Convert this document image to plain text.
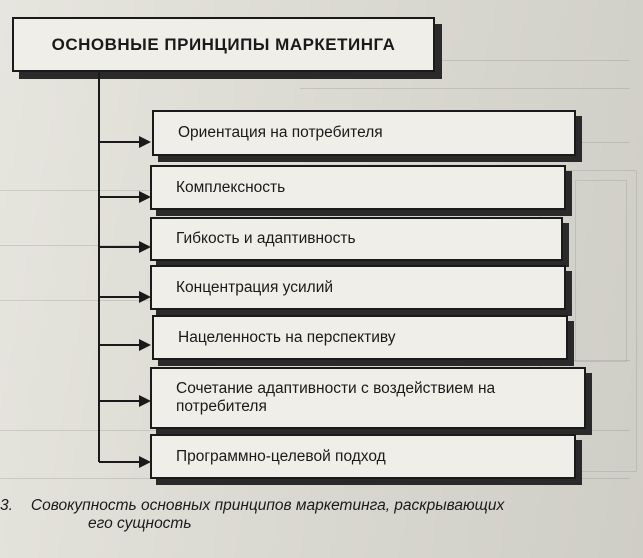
ОСНОВНЫЕ ПРИНЦИПЫ МАРКЕТИНГА
Ориентация на потребителя
Комплексность
Гибкость и адаптивность
Концентрация усилий
Нацеленность на перспективу
Сочетание адаптивности с воздействием на потребителя
Программно-целевой подход
3. Совокупность основных принципов маркетинга, раскрывающих
его сущность
